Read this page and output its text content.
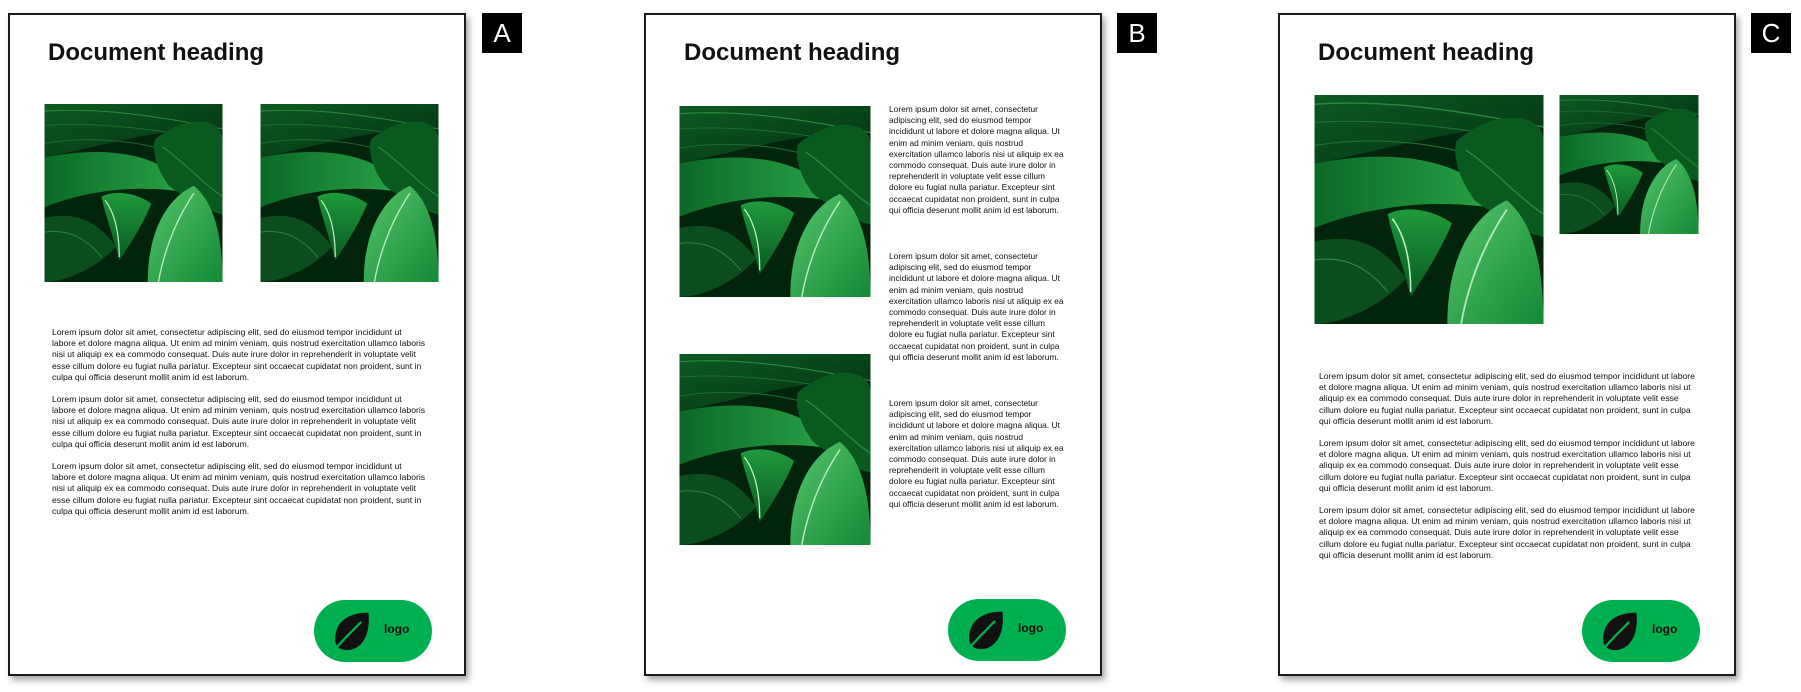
Document heading

Lorem ipsum dolor sit amet, consectetur adipiscing elit, sed do eiusmod tempor incididunt ut labore et dolore magna aliqua. Ut enim ad minim veniam, quis nostrud exercitation ullamco laboris nisi ut aliquip ex ea commodo consequat. Duis aute irure dolor in reprehenderit in voluptate velit esse cillum dolore eu fugiat nulla pariatur. Excepteur sint occaecat cupidatat non proident, sunt in culpa qui officia deserunt mollit anim id est laborum.

Lorem ipsum dolor sit amet, consectetur adipiscing elit, sed do eiusmod tempor incididunt ut labore et dolore magna aliqua. Ut enim ad minim veniam, quis nostrud exercitation ullamco laboris nisi ut aliquip ex ea commodo consequat. Duis aute irure dolor in reprehenderit in voluptate velit esse cillum dolore eu fugiat nulla pariatur. Excepteur sint occaecat cupidatat non proident, sunt in culpa qui officia deserunt mollit anim id est laborum.

Lorem ipsum dolor sit amet, consectetur adipiscing elit, sed do eiusmod tempor incididunt ut labore et dolore magna aliqua. Ut enim ad minim veniam, quis nostrud exercitation ullamco laboris nisi ut aliquip ex ea commodo consequat. Duis aute irure dolor in reprehenderit in voluptate velit esse cillum dolore eu fugiat nulla pariatur. Excepteur sint occaecat cupidatat non proident, sunt in culpa qui officia deserunt mollit anim id est laborum.

logo
A
Document heading

Lorem ipsum dolor sit amet, consectetur adipiscing elit, sed do eiusmod tempor incididunt ut labore et dolore magna aliqua. Ut enim ad minim veniam, quis nostrud exercitation ullamco laboris nisi ut aliquip ex ea commodo consequat. Duis aute irure dolor in reprehenderit in voluptate velit esse cillum dolore eu fugiat nulla pariatur. Excepteur sint occaecat cupidatat non proident, sunt in culpa qui officia deserunt mollit anim id est laborum.

Lorem ipsum dolor sit amet, consectetur adipiscing elit, sed do eiusmod tempor incididunt ut labore et dolore magna aliqua. Ut enim ad minim veniam, quis nostrud exercitation ullamco laboris nisi ut aliquip ex ea commodo consequat. Duis aute irure dolor in reprehenderit in voluptate velit esse cillum dolore eu fugiat nulla pariatur. Excepteur sint occaecat cupidatat non proident, sunt in culpa qui officia deserunt mollit anim id est laborum.

Lorem ipsum dolor sit amet, consectetur adipiscing elit, sed do eiusmod tempor incididunt ut labore et dolore magna aliqua. Ut enim ad minim veniam, quis nostrud exercitation ullamco laboris nisi ut aliquip ex ea commodo consequat. Duis aute irure dolor in reprehenderit in voluptate velit esse cillum dolore eu fugiat nulla pariatur. Excepteur sint occaecat cupidatat non proident, sunt in culpa qui officia deserunt mollit anim id est laborum.

logo
B
Document heading

Lorem ipsum dolor sit amet, consectetur adipiscing elit, sed do eiusmod tempor incididunt ut labore et dolore magna aliqua. Ut enim ad minim veniam, quis nostrud exercitation ullamco laboris nisi ut aliquip ex ea commodo consequat. Duis aute irure dolor in reprehenderit in voluptate velit esse cillum dolore eu fugiat nulla pariatur. Excepteur sint occaecat cupidatat non proident, sunt in culpa qui officia deserunt mollit anim id est laborum.

Lorem ipsum dolor sit amet, consectetur adipiscing elit, sed do eiusmod tempor incididunt ut labore et dolore magna aliqua. Ut enim ad minim veniam, quis nostrud exercitation ullamco laboris nisi ut aliquip ex ea commodo consequat. Duis aute irure dolor in reprehenderit in voluptate velit esse cillum dolore eu fugiat nulla pariatur. Excepteur sint occaecat cupidatat non proident, sunt in culpa qui officia deserunt mollit anim id est laborum.

Lorem ipsum dolor sit amet, consectetur adipiscing elit, sed do eiusmod tempor incididunt ut labore et dolore magna aliqua. Ut enim ad minim veniam, quis nostrud exercitation ullamco laboris nisi ut aliquip ex ea commodo consequat. Duis aute irure dolor in reprehenderit in voluptate velit esse cillum dolore eu fugiat nulla pariatur. Excepteur sint occaecat cupidatat non proident, sunt in culpa qui officia deserunt mollit anim id est laborum.

logo
C
